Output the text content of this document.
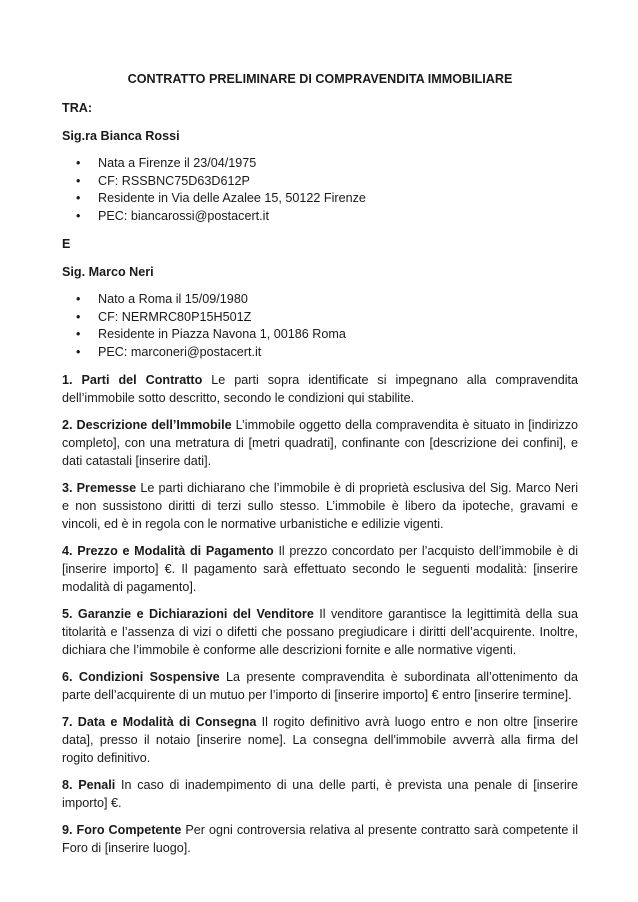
CONTRATTO PRELIMINARE DI COMPRAVENDITA IMMOBILIARE
TRA:
Sig.ra Bianca Rossi
• Nata a Firenze il 23/04/1975
• CF: RSSBNC75D63D612P
• Residente in Via delle Azalee 15, 50122 Firenze
• PEC: biancarossi@postacert.it
E
Sig. Marco Neri
• Nato a Roma il 15/09/1980
• CF: NERMRC80P15H501Z
• Residente in Piazza Navona 1, 00186 Roma
• PEC: marconeri@postacert.it
1. Parti del Contratto Le parti sopra identificate si impegnano alla compravendita dell’immobile sotto descritto, secondo le condizioni qui stabilite.
2. Descrizione dell’Immobile L’immobile oggetto della compravendita è situato in [indirizzo completo], con una metratura di [metri quadrati], confinante con [descrizione dei confini], e dati catastali [inserire dati].
3. Premesse Le parti dichiarano che l’immobile è di proprietà esclusiva del Sig. Marco Neri e non sussistono diritti di terzi sullo stesso. L’immobile è libero da ipoteche, gravami e vincoli, ed è in regola con le normative urbanistiche e edilizie vigenti.
4. Prezzo e Modalità di Pagamento Il prezzo concordato per l’acquisto dell’immobile è di [inserire importo] €. Il pagamento sarà effettuato secondo le seguenti modalità: [inserire modalità di pagamento].
5. Garanzie e Dichiarazioni del Venditore Il venditore garantisce la legittimità della sua titolarità e l’assenza di vizi o difetti che possano pregiudicare i diritti dell’acquirente. Inoltre, dichiara che l’immobile è conforme alle descrizioni fornite e alle normative vigenti.
6. Condizioni Sospensive La presente compravendita è subordinata all’ottenimento da parte dell’acquirente di un mutuo per l’importo di [inserire importo] € entro [inserire termine].
7. Data e Modalità di Consegna Il rogito definitivo avrà luogo entro e non oltre [inserire data], presso il notaio [inserire nome]. La consegna dell'immobile avverrà alla firma del rogito definitivo.
8. Penali In caso di inadempimento di una delle parti, è prevista una penale di [inserire importo] €.
9. Foro Competente Per ogni controversia relativa al presente contratto sarà competente il Foro di [inserire luogo].
